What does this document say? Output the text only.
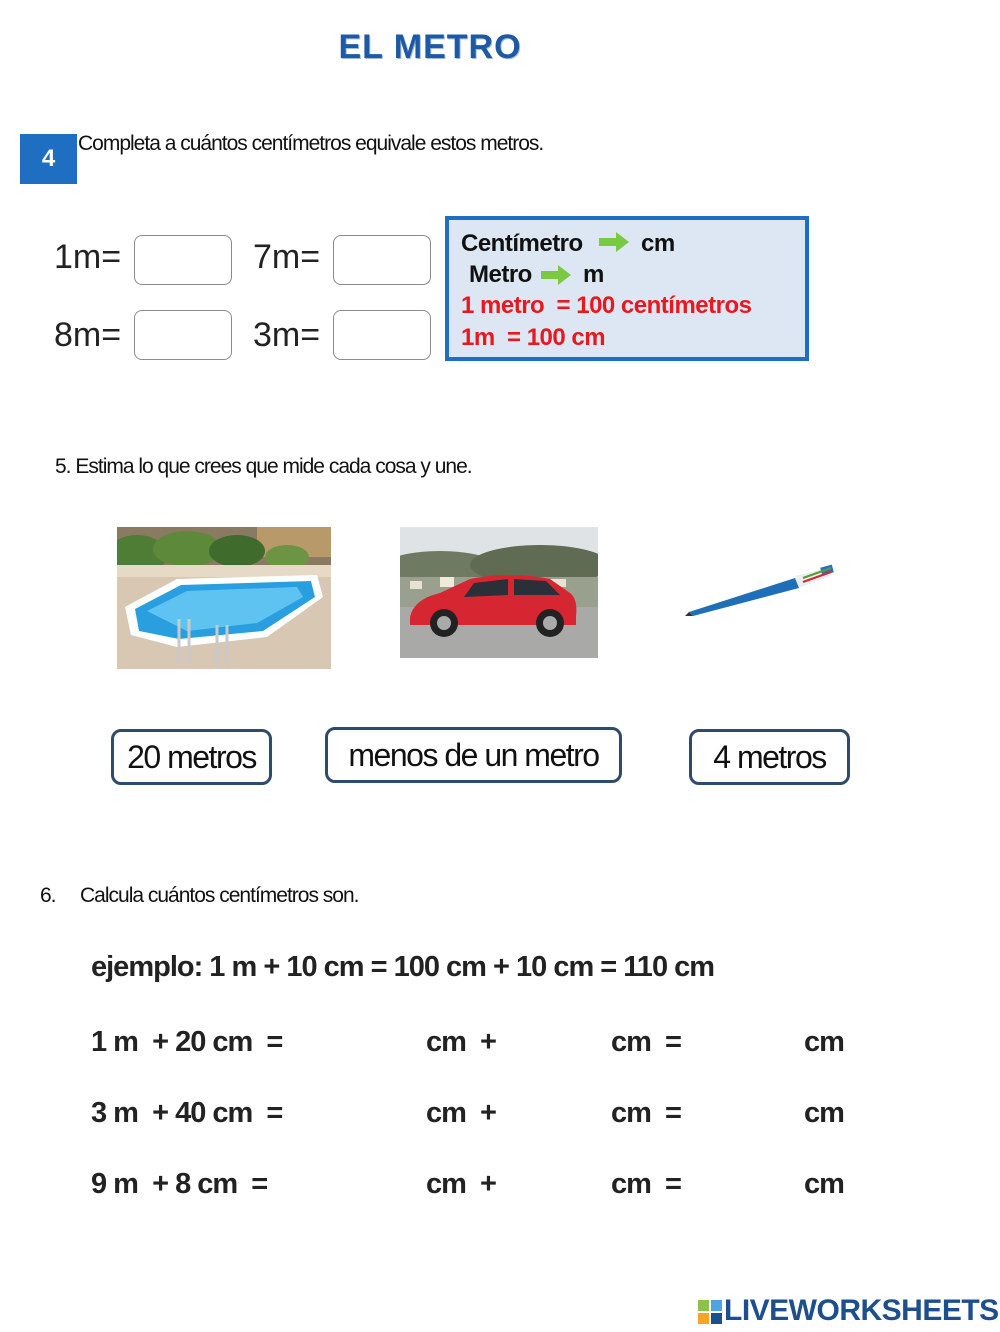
EL METRO
4
Completa a cuántos centímetros equivale estos metros.
1m=	7m=
8m=	3m=
Centímetro cm
Metro m
1 metro  = 100 centímetros
1m  = 100 cm
5. Estima lo que crees que mide cada cosa y une.
20 metros	menos de un metro	4 metros
6. Calcula cuántos centímetros son.
ejemplo: 1 m + 10 cm = 100 cm + 10 cm = 110 cm
1 m  + 20 cm  =	cm  +	cm  =	cm
3 m  + 40 cm  =	cm  +	cm  =	cm
9 m  + 8 cm  =	cm  +	cm  =	cm
LIVEWORKSHEETS
